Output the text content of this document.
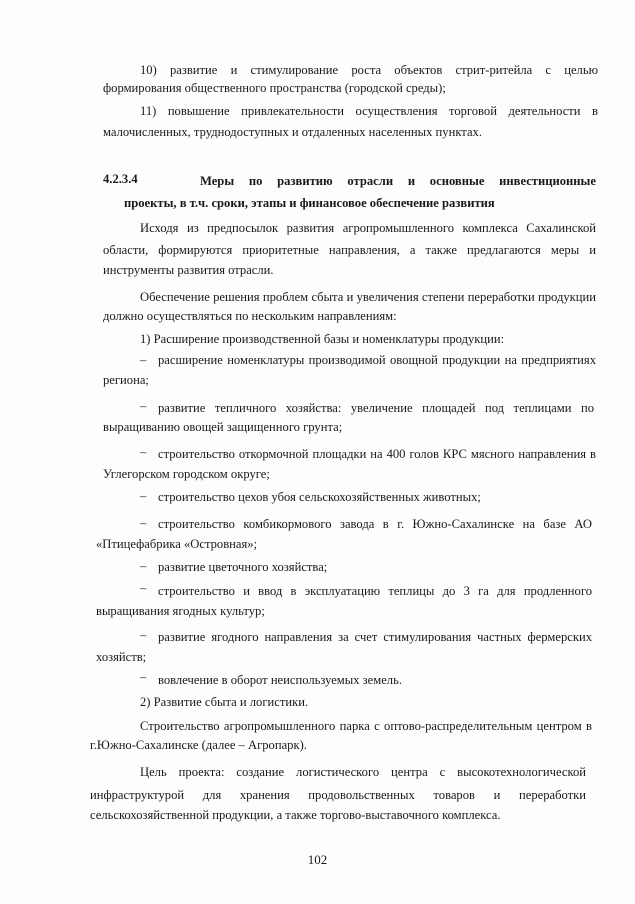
10) развитие и стимулирование роста объектов стрит-ритейла с целью
формирования общественного пространства (городской среды);
11) повышение привлекательности осуществления торговой деятельности в
малочисленных, труднодоступных и отдаленных населенных пунктах.
4.2.3.4	Меры по развитию отрасли и основные инвестиционные
проекты, в т.ч. сроки, этапы и финансовое обеспечение развития
Исходя из предпосылок развития агропромышленного комплекса Сахалинской
области, формируются приоритетные направления, а также предлагаются меры и
инструменты развития отрасли.
Обеспечение решения проблем сбыта и увеличения степени переработки продукции
должно осуществляться по нескольким направлениям:
1) Расширение производственной базы и номенклатуры продукции:
– расширение номенклатуры производимой овощной продукции на предприятиях
региона;
– развитие тепличного хозяйства: увеличение площадей под теплицами по
выращиванию овощей защищенного грунта;
– строительство откормочной площадки на 400 голов КРС мясного направления в
Углегорском городском округе;
– строительство цехов убоя сельскохозяйственных животных;
– строительство комбикормового завода в г. Южно-Сахалинске на базе АО
«Птицефабрика «Островная»;
– развитие цветочного хозяйства;
– строительство и ввод в эксплуатацию теплицы до 3 га для продленного
выращивания ягодных культур;
– развитие ягодного направления за счет стимулирования частных фермерских
хозяйств;
– вовлечение в оборот неиспользуемых земель.
2) Развитие сбыта и логистики.
Строительство агропромышленного парка с оптово-распределительным центром в
г.Южно-Сахалинске (далее – Агропарк).
Цель проекта: создание логистического центра с высокотехнологической
инфраструктурой для хранения продовольственных товаров и переработки
сельскохозяйственной продукции, а также торгово-выставочного комплекса.
102
